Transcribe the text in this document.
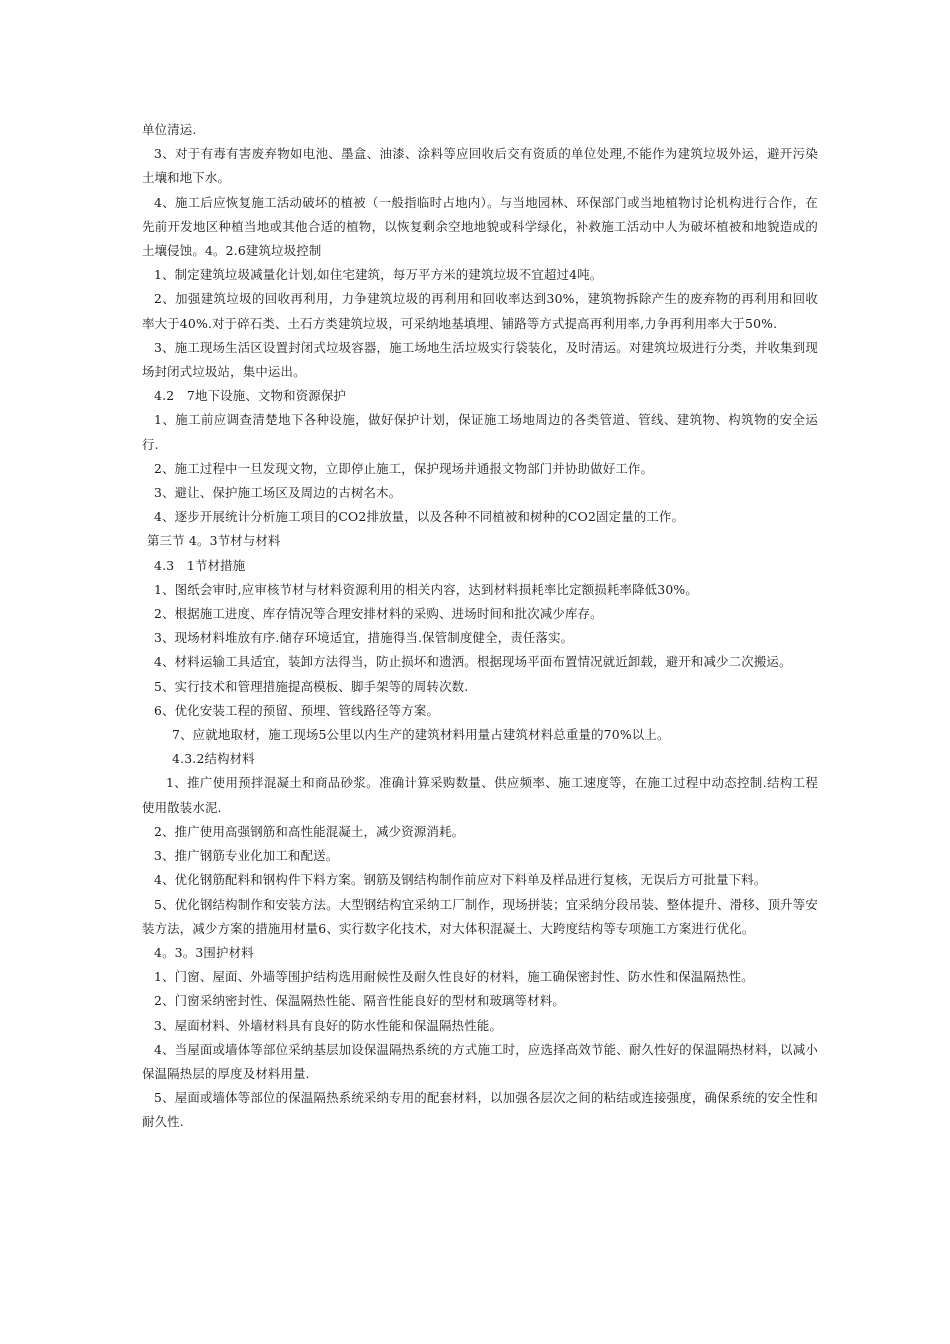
单位清运.

3、对于有毒有害废弃物如电池、墨盒、油漆、涂料等应回收后交有资质的单位处理,不能作为建筑垃圾外运，避开污染土壤和地下水。

4、施工后应恢复施工活动破坏的植被（一般指临时占地内）。与当地园林、环保部门或当地植物讨论机构进行合作，在先前开发地区种植当地或其他合适的植物，以恢复剩余空地地貌或科学绿化，补救施工活动中人为破坏植被和地貌造成的土壤侵蚀。4。2.6建筑垃圾控制

1、制定建筑垃圾减量化计划,如住宅建筑，每万平方米的建筑垃圾不宜超过4吨。

2、加强建筑垃圾的回收再利用，力争建筑垃圾的再利用和回收率达到30%，建筑物拆除产生的废弃物的再利用和回收率大于40%.对于碎石类、土石方类建筑垃圾，可采纳地基填埋、铺路等方式提高再利用率,力争再利用率大于50%.

3、施工现场生活区设置封闭式垃圾容器，施工场地生活垃圾实行袋装化，及时清运。对建筑垃圾进行分类，并收集到现场封闭式垃圾站，集中运出。

4.2　7地下设施、文物和资源保护

1、施工前应调查清楚地下各种设施，做好保护计划，保证施工场地周边的各类管道、管线、建筑物、构筑物的安全运行.

2、施工过程中一旦发现文物，立即停止施工，保护现场并通报文物部门并协助做好工作。

3、避让、保护施工场区及周边的古树名木。

4、逐步开展统计分析施工项目的CO2排放量，以及各种不同植被和树种的CO2固定量的工作。

第三节 4。3节材与材料

4.3　1节材措施

1、图纸会审时,应审核节材与材料资源利用的相关内容，达到材料损耗率比定额损耗率降低30%。

2、根据施工进度、库存情况等合理安排材料的采购、进场时间和批次减少库存。

3、现场材料堆放有序.储存环境适宜，措施得当.保管制度健全，责任落实。

4、材料运输工具适宜，装卸方法得当，防止损坏和遗洒。根据现场平面布置情况就近卸载，避开和减少二次搬运。

5、实行技术和管理措施提高模板、脚手架等的周转次数.

6、优化安装工程的预留、预埋、管线路径等方案。

7、应就地取材，施工现场5公里以内生产的建筑材料用量占建筑材料总重量的70%以上。

4.3.2结构材料

1、推广使用预拌混凝土和商品砂浆。准确计算采购数量、供应频率、施工速度等，在施工过程中动态控制.结构工程使用散装水泥.

2、推广使用高强钢筋和高性能混凝土，减少资源消耗。

3、推广钢筋专业化加工和配送。

4、优化钢筋配料和钢构件下料方案。钢筋及钢结构制作前应对下料单及样品进行复核，无误后方可批量下料。

5、优化钢结构制作和安装方法。大型钢结构宜采纳工厂制作，现场拼装；宜采纳分段吊装、整体提升、滑移、顶升等安装方法，减少方案的措施用材量6、实行数字化技术，对大体积混凝土、大跨度结构等专项施工方案进行优化。

4。3。3围护材料

1、门窗、屋面、外墙等围护结构选用耐候性及耐久性良好的材料，施工确保密封性、防水性和保温隔热性。

2、门窗采纳密封性、保温隔热性能、隔音性能良好的型材和玻璃等材料。

3、屋面材料、外墙材料具有良好的防水性能和保温隔热性能。

4、当屋面或墙体等部位采纳基层加设保温隔热系统的方式施工时，应选择高效节能、耐久性好的保温隔热材料，以减小保温隔热层的厚度及材料用量.

5、屋面或墙体等部位的保温隔热系统采纳专用的配套材料，以加强各层次之间的粘结或连接强度，确保系统的安全性和耐久性.
